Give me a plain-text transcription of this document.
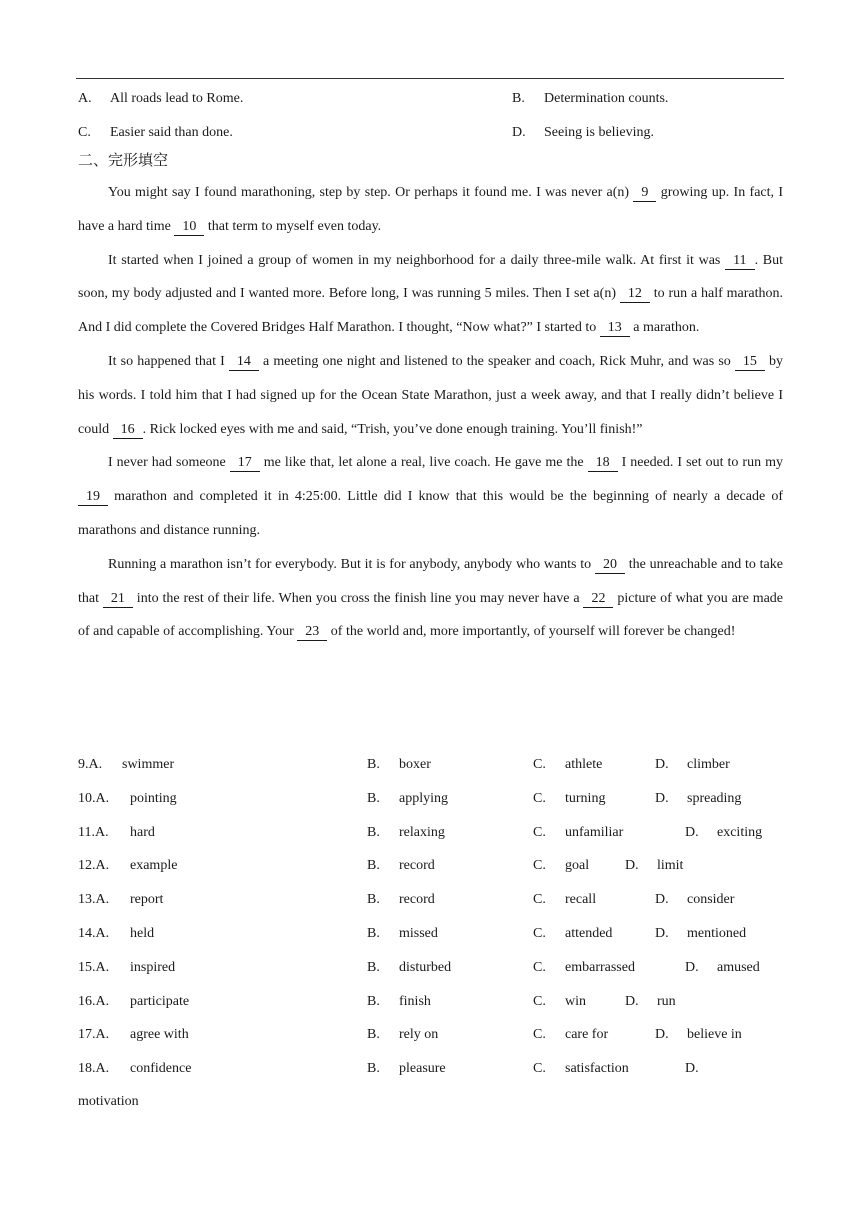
A. All roads lead to Rome.	B. Determination counts.
C. Easier said than done.	D. Seeing is believing.
二、完形填空

You might say I found marathoning, step by step. Or perhaps it found me. I was never a(n) 9 growing up. In fact, I have a hard time 10 that term to myself even today.

It started when I joined a group of women in my neighborhood for a daily three-mile walk. At first it was 11 . But soon, my body adjusted and I wanted more. Before long, I was running 5 miles. Then I set a(n) 12 to run a half marathon. And I did complete the Covered Bridges Half Marathon. I thought, “Now what?” I started to 13 a marathon.

It so happened that I 14 a meeting one night and listened to the speaker and coach, Rick Muhr, and was so 15 by his words. I told him that I had signed up for the Ocean State Marathon, just a week away, and that I really didn’t believe I could 16 . Rick locked eyes with me and said, “Trish, you’ve done enough training. You’ll finish!”

I never had someone 17 me like that, let alone a real, live coach. He gave me the 18 I needed. I set out to run my 19 marathon and completed it in 4:25:00. Little did I know that this would be the beginning of nearly a decade of marathons and distance running.

Running a marathon isn’t for everybody. But it is for anybody, anybody who wants to 20 the unreachable and to take that 21 into the rest of their life. When you cross the finish line you may never have a 22 picture of what you are made of and capable of accomplishing. Your 23 of the world and, more importantly, of yourself will forever be changed!

9.A. swimmer	B. boxer	C. athlete	D. climber
10.A. pointing	B. applying	C. turning	D. spreading
11.A. hard	B. relaxing	C. unfamiliar	D. exciting
12.A. example	B. record	C. goal	D. limit
13.A. report	B. record	C. recall	D. consider
14.A. held	B. missed	C. attended	D. mentioned
15.A. inspired	B. disturbed	C. embarrassed	D. amused
16.A. participate	B. finish	C. win	D. run
17.A. agree with	B. rely on	C. care for	D. believe in
18.A. confidence	B. pleasure	C. satisfaction	D.
motivation
